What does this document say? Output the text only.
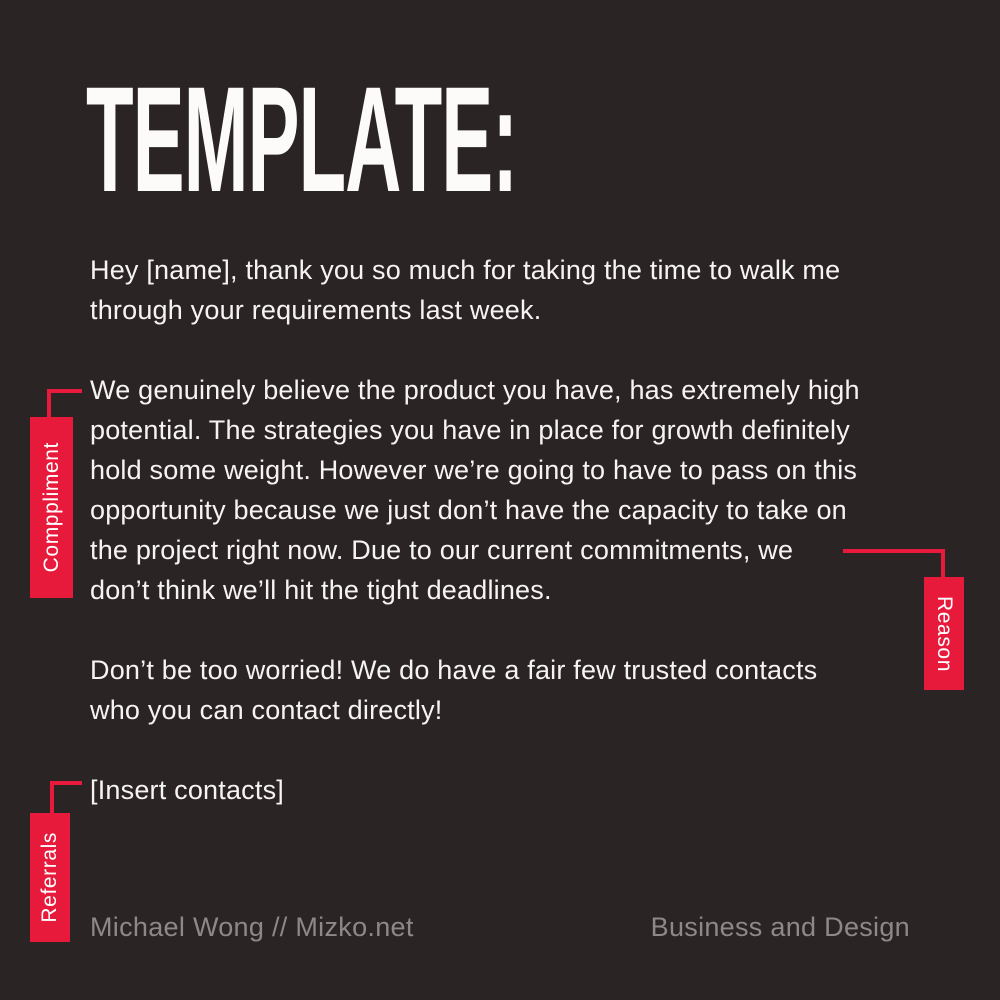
TEMPLATE:

Hey [name], thank you so much for taking the time to walk me
through your requirements last week.

We genuinely believe the product you have, has extremely high
potential. The strategies you have in place for growth definitely
hold some weight. However we’re going to have to pass on this
opportunity because we just don’t have the capacity to take on
the project right now. Due to our current commitments, we
don’t think we’ll hit the tight deadlines.

Don’t be too worried! We do have a fair few trusted contacts
who you can contact directly!

[Insert contacts]

Comppliment
Reason
Referrals
Michael Wong // Mizko.net	Business and Design
